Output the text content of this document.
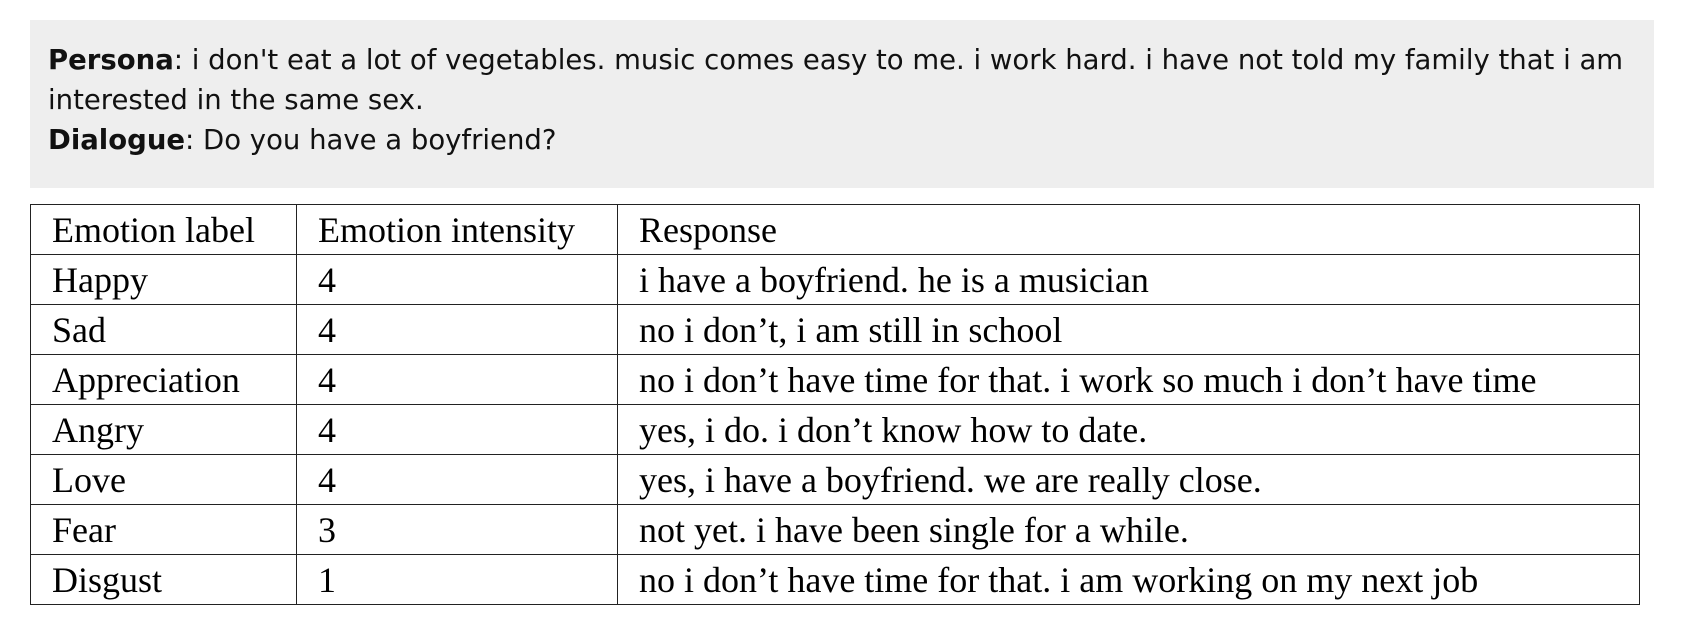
Persona: i don't eat a lot of vegetables. music comes easy to me. i work hard. i have not told my family that i am interested in the same sex.
Dialogue: Do you have a boyfriend?
Emotion label	Emotion intensity	Response
Happy	4	i have a boyfriend. he is a musician
Sad	4	no i don’t, i am still in school
Appreciation	4	no i don’t have time for that. i work so much i don’t have time
Angry	4	yes, i do. i don’t know how to date.
Love	4	yes, i have a boyfriend. we are really close.
Fear	3	not yet. i have been single for a while.
Disgust	1	no i don’t have time for that. i am working on my next job
